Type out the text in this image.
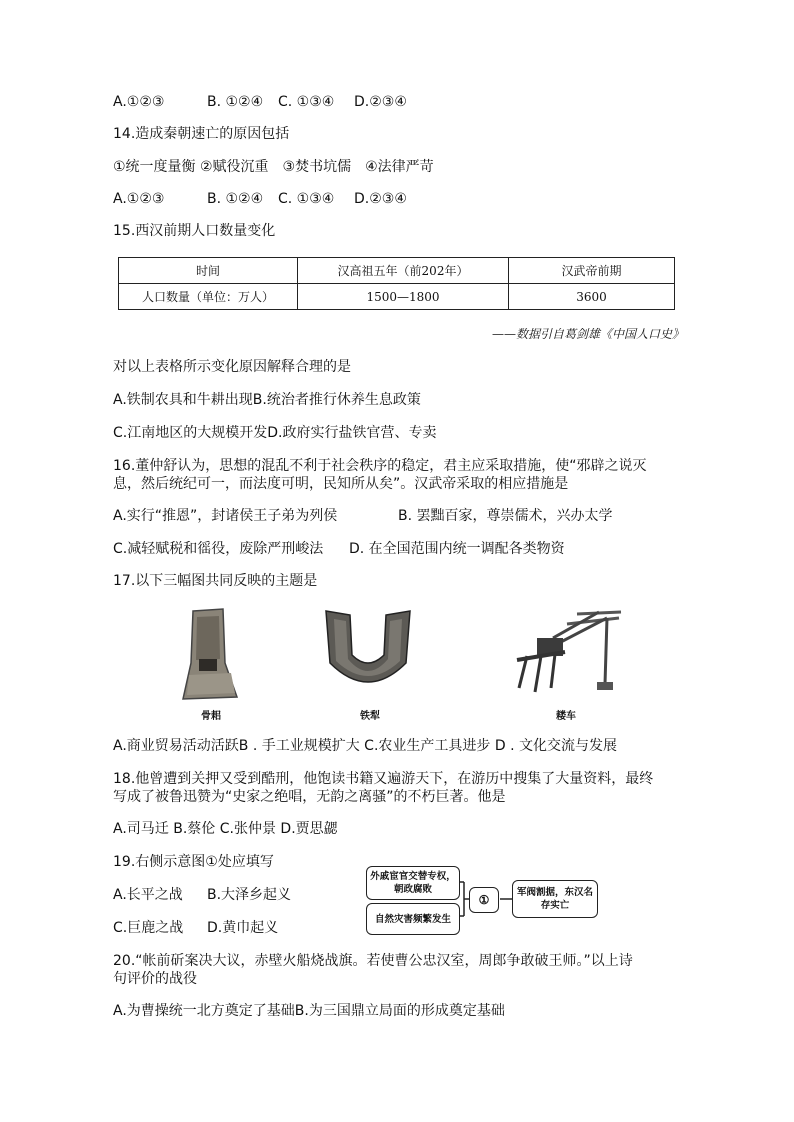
A.①②③	B. ①②④ C. ①③④ D.②③④
14.造成秦朝速亡的原因包括
①统一度量衡 ②赋役沉重　③焚书坑儒　④法律严苛
A.①②③	B. ①②④ C. ①③④ D.②③④
15.西汉前期人口数量变化
时间	汉高祖五年（前202年）	汉武帝前期
人口数量（单位：万人）	1500—1800	3600
——数据引自葛剑雄《中国人口史》
对以上表格所示变化原因解释合理的是
A.铁制农具和牛耕出现B.统治者推行休养生息政策
C.江南地区的大规模开发D.政府实行盐铁官营、专卖
16.董仲舒认为，思想的混乱不利于社会秩序的稳定，君主应采取措施，使“邪辟之说灭
息，然后统纪可一，而法度可明，民知所从矣”。汉武帝采取的相应措施是
A.实行“推恩”，封诸侯王子弟为列侯	B. 罢黜百家，尊崇儒术，兴办太学
C.减轻赋税和徭役，废除严刑峻法 D. 在全国范围内统一调配各类物资
17.以下三幅图共同反映的主题是
骨耜	铁犁	耧车
A.商业贸易活动活跃B . 手工业规模扩大 C.农业生产工具进步 D . 文化交流与发展
18.他曾遭到关押又受到酷刑，他饱读书籍又遍游天下，在游历中搜集了大量资料，最终
写成了被鲁迅赞为“史家之绝唱，无韵之离骚”的不朽巨著。他是
A.司马迁 B.蔡伦 C.张仲景 D.贾思勰
19.右侧示意图①处应填写
A.长平之战 B.大泽乡起义
C.巨鹿之战 D.黄巾起义
外戚宦官交替专权，朝政腐败
自然灾害频繁发生
①	军阀割据，东汉名存实亡
20.“帐前斫案决大议，赤壁火船烧战旗。若使曹公忠汉室，周郎争敢破王师。”以上诗
句评价的战役
A.为曹操统一北方奠定了基础B.为三国鼎立局面的形成奠定基础
